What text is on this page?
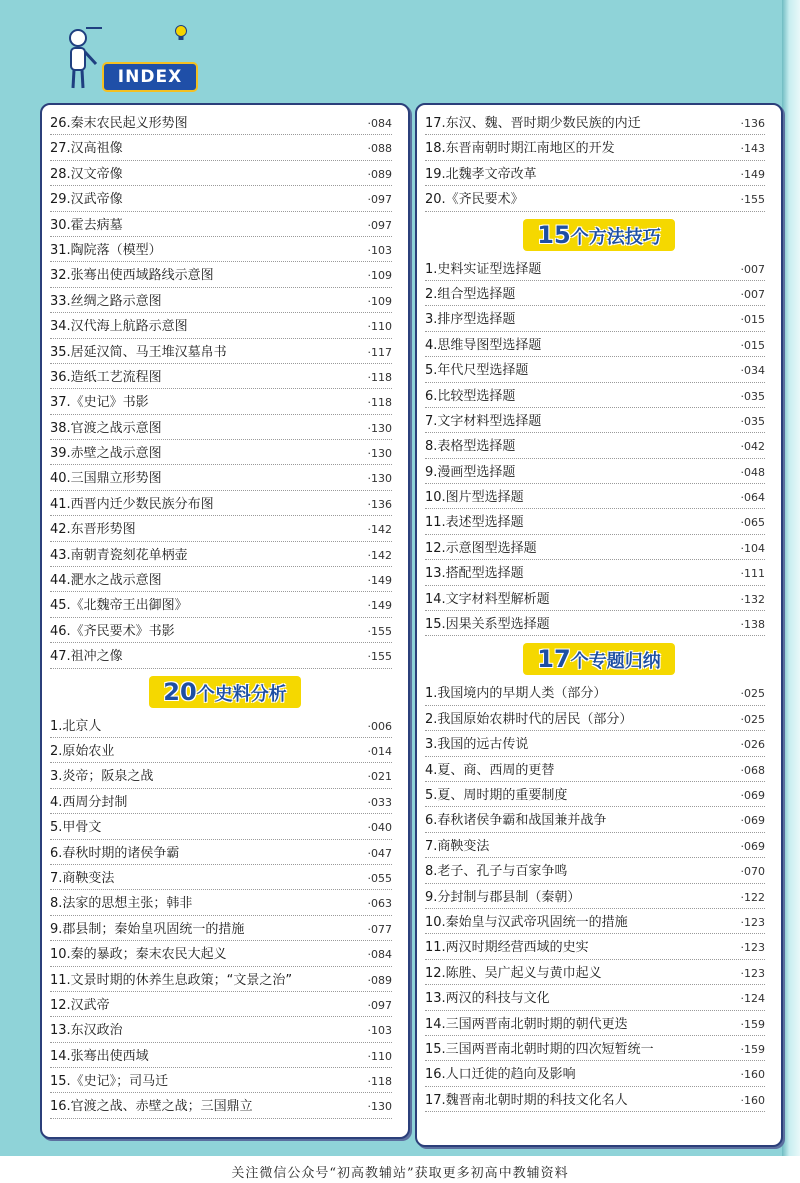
INDEX
26.秦末农民起义形势图	·084
27.汉高祖像	·088
28.汉文帝像	·089
29.汉武帝像	·097
30.霍去病墓	·097
31.陶院落（模型）	·103
32.张骞出使西域路线示意图	·109
33.丝绸之路示意图	·109
34.汉代海上航路示意图	·110
35.居延汉简、马王堆汉墓帛书	·117
36.造纸工艺流程图	·118
37.《史记》书影	·118
38.官渡之战示意图	·130
39.赤壁之战示意图	·130
40.三国鼎立形势图	·130
41.西晋内迁少数民族分布图	·136
42.东晋形势图	·142
43.南朝青瓷刻花单柄壶	·142
44.淝水之战示意图	·149
45.《北魏帝王出御图》	·149
46.《齐民要术》书影	·155
47.祖冲之像	·155
20个史料分析
1.北京人	·006
2.原始农业	·014
3.炎帝；阪泉之战	·021
4.西周分封制	·033
5.甲骨文	·040
6.春秋时期的诸侯争霸	·047
7.商鞅变法	·055
8.法家的思想主张；韩非	·063
9.郡县制；秦始皇巩固统一的措施	·077
10.秦的暴政；秦末农民大起义	·084
11.文景时期的休养生息政策；“文景之治”	·089
12.汉武帝	·097
13.东汉政治	·103
14.张骞出使西域	·110
15.《史记》；司马迁	·118
16.官渡之战、赤壁之战；三国鼎立	·130
17.东汉、魏、晋时期少数民族的内迁	·136
18.东晋南朝时期江南地区的开发	·143
19.北魏孝文帝改革	·149
20.《齐民要术》	·155
15个方法技巧
1.史料实证型选择题	·007
2.组合型选择题	·007
3.排序型选择题	·015
4.思维导图型选择题	·015
5.年代尺型选择题	·034
6.比较型选择题	·035
7.文字材料型选择题	·035
8.表格型选择题	·042
9.漫画型选择题	·048
10.图片型选择题	·064
11.表述型选择题	·065
12.示意图型选择题	·104
13.搭配型选择题	·111
14.文字材料型解析题	·132
15.因果关系型选择题	·138
17个专题归纳
1.我国境内的早期人类（部分）	·025
2.我国原始农耕时代的居民（部分）	·025
3.我国的远古传说	·026
4.夏、商、西周的更替	·068
5.夏、周时期的重要制度	·069
6.春秋诸侯争霸和战国兼并战争	·069
7.商鞅变法	·069
8.老子、孔子与百家争鸣	·070
9.分封制与郡县制（秦朝）	·122
10.秦始皇与汉武帝巩固统一的措施	·123
11.两汉时期经营西域的史实	·123
12.陈胜、吴广起义与黄巾起义	·123
13.两汉的科技与文化	·124
14.三国两晋南北朝时期的朝代更迭	·159
15.三国两晋南北朝时期的四次短暂统一	·159
16.人口迁徙的趋向及影响	·160
17.魏晋南北朝时期的科技文化名人	·160
关注微信公众号“初高教辅站”获取更多初高中教辅资料
